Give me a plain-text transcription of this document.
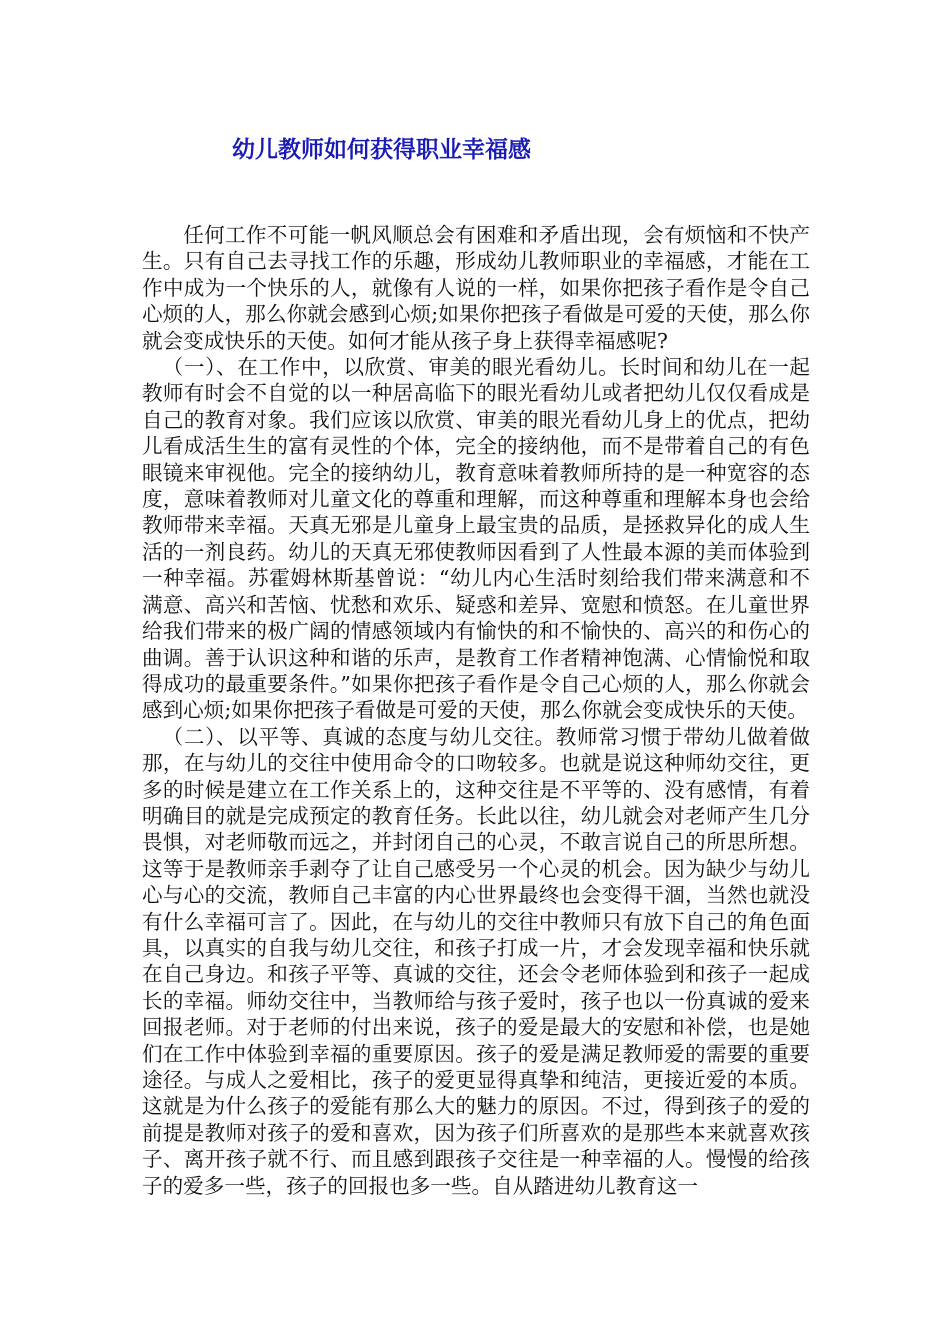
幼儿教师如何获得职业幸福感

任何工作不可能一帆风顺总会有困难和矛盾出现，会有烦恼和不快产生。只有自己去寻找工作的乐趣，形成幼儿教师职业的幸福感，才能在工作中成为一个快乐的人，就像有人说的一样，如果你把孩子看作是令自己心烦的人，那么你就会感到心烦;如果你把孩子看做是可爱的天使，那么你就会变成快乐的天使。如何才能从孩子身上获得幸福感呢?

（一）、在工作中，以欣赏、审美的眼光看幼儿。长时间和幼儿在一起教师有时会不自觉的以一种居高临下的眼光看幼儿或者把幼儿仅仅看成是自己的教育对象。我们应该以欣赏、审美的眼光看幼儿身上的优点，把幼儿看成活生生的富有灵性的个体，完全的接纳他，而不是带着自己的有色眼镜来审视他。完全的接纳幼儿，教育意味着教师所持的是一种宽容的态度，意味着教师对儿童文化的尊重和理解，而这种尊重和理解本身也会给教师带来幸福。天真无邪是儿童身上最宝贵的品质，是拯救异化的成人生活的一剂良药。幼儿的天真无邪使教师因看到了人性最本源的美而体验到一种幸福。苏霍姆林斯基曾说：“幼儿内心生活时刻给我们带来满意和不满意、高兴和苦恼、忧愁和欢乐、疑惑和差异、宽慰和愤怒。在儿童世界给我们带来的极广阔的情感领域内有愉快的和不愉快的、高兴的和伤心的曲调。善于认识这种和谐的乐声，是教育工作者精神饱满、心情愉悦和取得成功的最重要条件。”如果你把孩子看作是令自己心烦的人，那么你就会感到心烦;如果你把孩子看做是可爱的天使，那么你就会变成快乐的天使。

（二）、以平等、真诚的态度与幼儿交往。教师常习惯于带幼儿做着做那，在与幼儿的交往中使用命令的口吻较多。也就是说这种师幼交往，更多的时候是建立在工作关系上的，这种交往是不平等的、没有感情，有着明确目的就是完成预定的教育任务。长此以往，幼儿就会对老师产生几分畏惧，对老师敬而远之，并封闭自己的心灵，不敢言说自己的所思所想。这等于是教师亲手剥夺了让自己感受另一个心灵的机会。因为缺少与幼儿心与心的交流，教师自己丰富的内心世界最终也会变得干涸，当然也就没有什么幸福可言了。因此，在与幼儿的交往中教师只有放下自己的角色面具，以真实的自我与幼儿交往，和孩子打成一片，才会发现幸福和快乐就在自己身边。和孩子平等、真诚的交往，还会令老师体验到和孩子一起成长的幸福。师幼交往中，当教师给与孩子爱时，孩子也以一份真诚的爱来回报老师。对于老师的付出来说，孩子的爱是最大的安慰和补偿，也是她们在工作中体验到幸福的重要原因。孩子的爱是满足教师爱的需要的重要途径。与成人之爱相比，孩子的爱更显得真挚和纯洁，更接近爱的本质。这就是为什么孩子的爱能有那么大的魅力的原因。不过，得到孩子的爱的前提是教师对孩子的爱和喜欢，因为孩子们所喜欢的是那些本来就喜欢孩子、离开孩子就不行、而且感到跟孩子交往是一种幸福的人。慢慢的给孩子的爱多一些，孩子的回报也多一些。自从踏进幼儿教育这一
